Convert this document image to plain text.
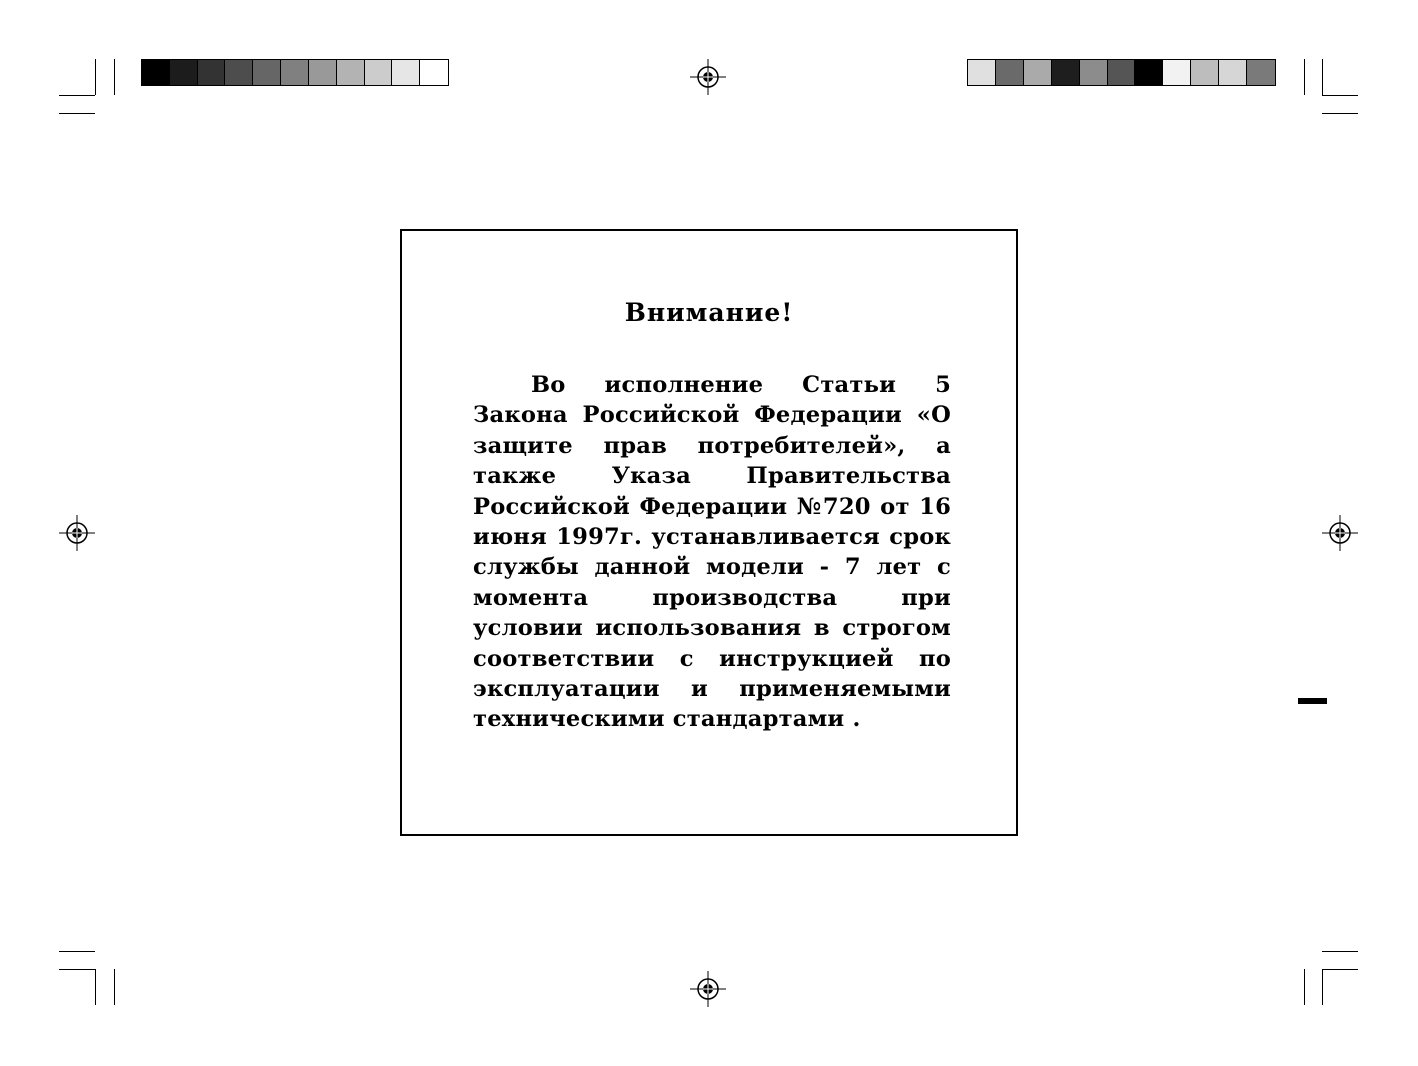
Внимание!

Во исполнение Статьи 5 Закона Российской Федерации «О защите прав потребителей», а также Указа Правительства Российской Федерации №720 от 16 июня 1997г. устанавливается срок службы данной модели - 7 лет с момента производства при условии использования в строгом соответствии с инструкцией по эксплуатации и применяемыми техническими стандартами .
